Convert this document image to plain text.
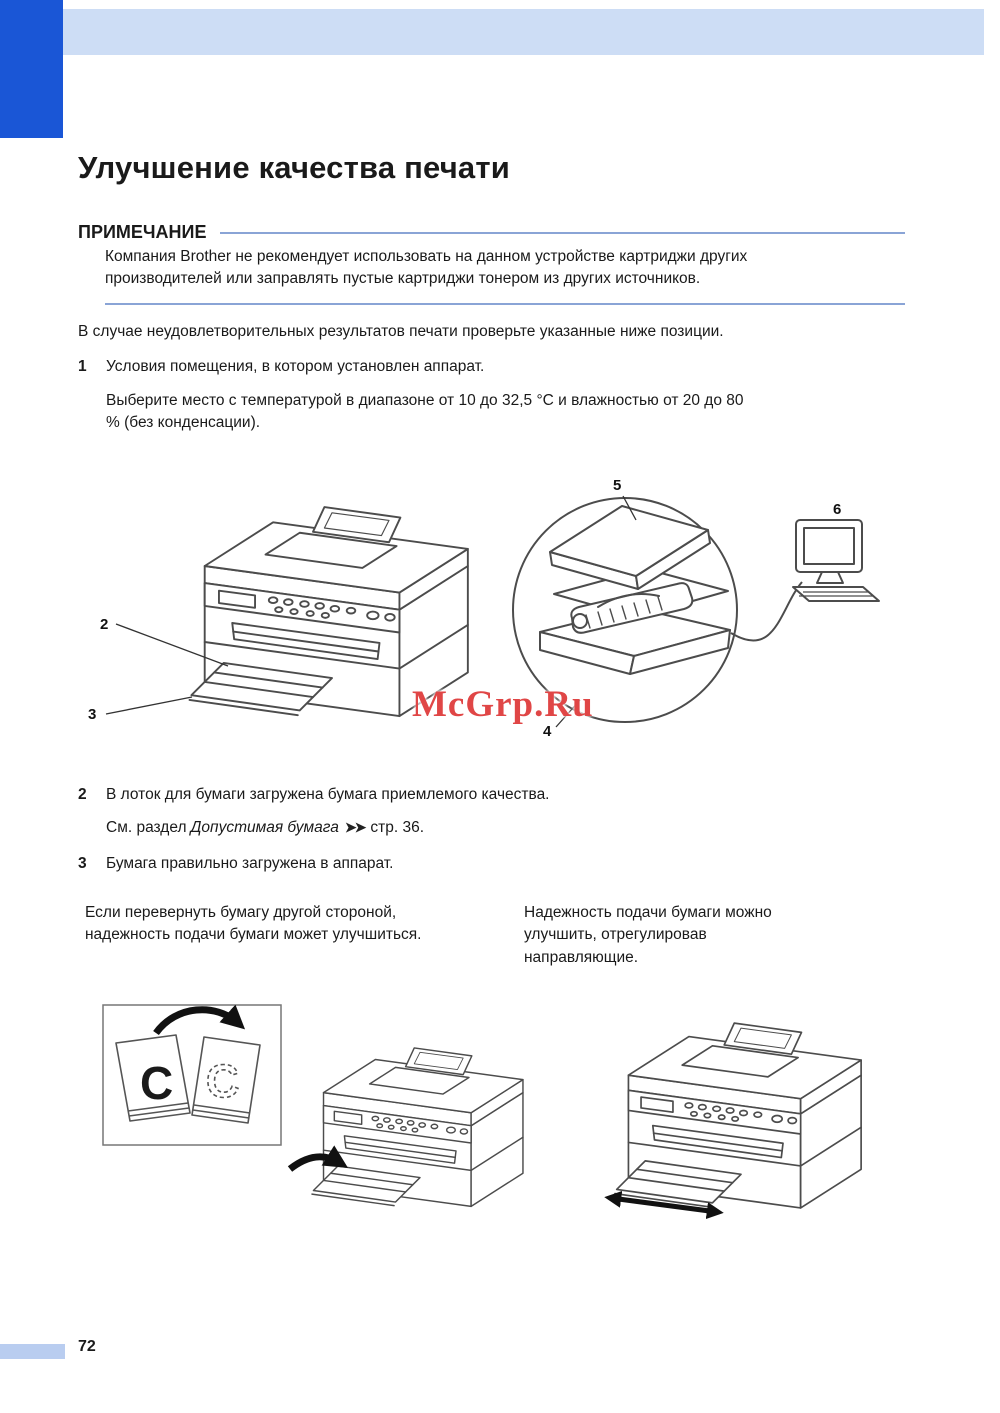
Улучшение качества печати
ПРИМЕЧАНИЕ

Компания Brother не рекомендует использовать на данном устройстве картриджи других производителей или заправлять пустые картриджи тонером из других источников.

В случае неудовлетворительных результатов печати проверьте указанные ниже позиции.

1	Условия помещения, в котором установлен аппарат.

Выберите место с температурой в диапазоне от 10 до 32,5 °C и влажностью от 20 до 80 % (без конденсации).

2
3
5
4
6
McGrp.Ru
2	В лоток для бумаги загружена бумага приемлемого качества.

См. раздел Допустимая бумага ➤➤ стр. 36.

3	Бумага правильно загружена в аппарат.

Если перевернуть бумагу другой стороной, надежность подачи бумаги может улучшиться.

Надежность подачи бумаги можно улучшить, отрегулировав направляющие.

C C
72
